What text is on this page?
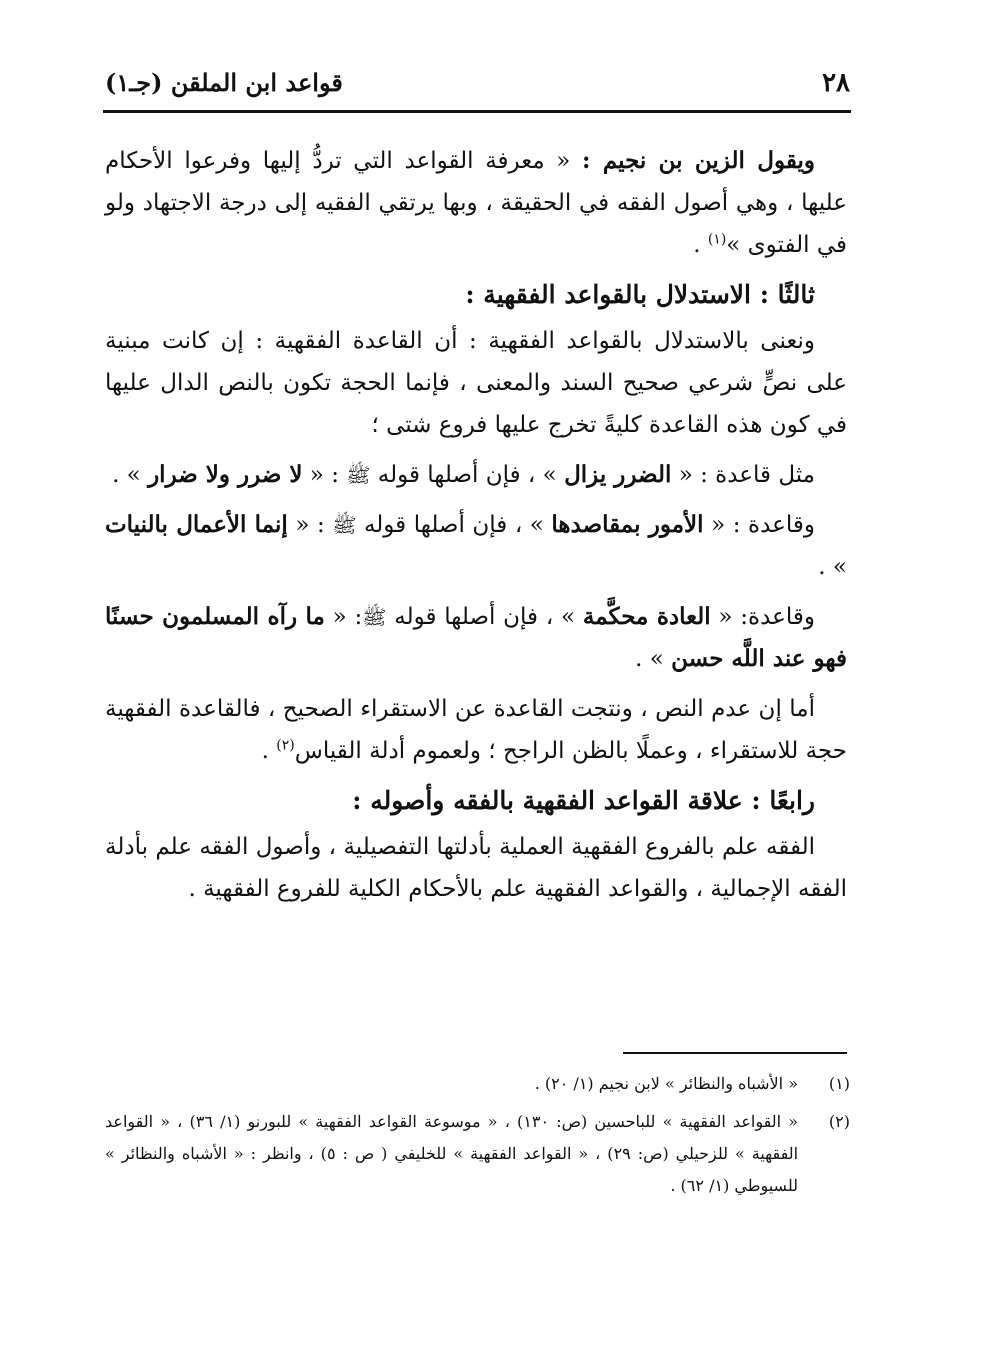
٢٨
قواعد ابن الملقن (جـ١)

ويقول الزين بن نجيم : « معرفة القواعد التي تردُّ إليها وفرعوا الأحكام عليها ، وهي أصول الفقه في الحقيقة ، وبها يرتقي الفقيه إلى درجة الاجتهاد ولو في الفتوى »$^{(١)}$ .

ثالثًا : الاستدلال بالقواعد الفقهية :

ونعنى بالاستدلال بالقواعد الفقهية : أن القاعدة الفقهية : إن كانت مبنية على نصٍّ شرعي صحيح السند والمعنى ، فإنما الحجة تكون بالنص الدال عليها في كون هذه القاعدة كليةً تخرج عليها فروع شتى ؛

مثل قاعدة : « الضرر يزال » ، فإن أصلها قوله ﷺ : « لا ضرر ولا ضرار » .

وقاعدة : « الأمور بمقاصدها » ، فإن أصلها قوله ﷺ : « إنما الأعمال بالنيات » .

وقاعدة: « العادة محكَّمة » ، فإن أصلها قوله ﷺ: « ما رآه المسلمون حسنًا فهو عند اللَّه حسن » .

أما إن عدم النص ، ونتجت القاعدة عن الاستقراء الصحيح ، فالقاعدة الفقهية حجة للاستقراء ، وعملًا بالظن الراجح ؛ ولعموم أدلة القياس$^{(٢)}$ .

رابعًا : علاقة القواعد الفقهية بالفقه وأصوله :

الفقه علم بالفروع الفقهية العملية بأدلتها التفصيلية ، وأصول الفقه علم بأدلة الفقه الإجمالية ، والقواعد الفقهية علم بالأحكام الكلية للفروع الفقهية .

(١)
« الأشباه والنظائر » لابن نجيم (١/ ٢٠) .

(٢)
« القواعد الفقهية » للباحسين (ص: ١٣٠) ، « موسوعة القواعد الفقهية » للبورنو (١/ ٣٦) ، « القواعد الفقهية » للزحيلي (ص: ٢٩) ، « القواعد الفقهية » للخليفي ( ص : ٥) ، وانظر : « الأشباه والنظائر » للسيوطي (١/ ٦٢) .
